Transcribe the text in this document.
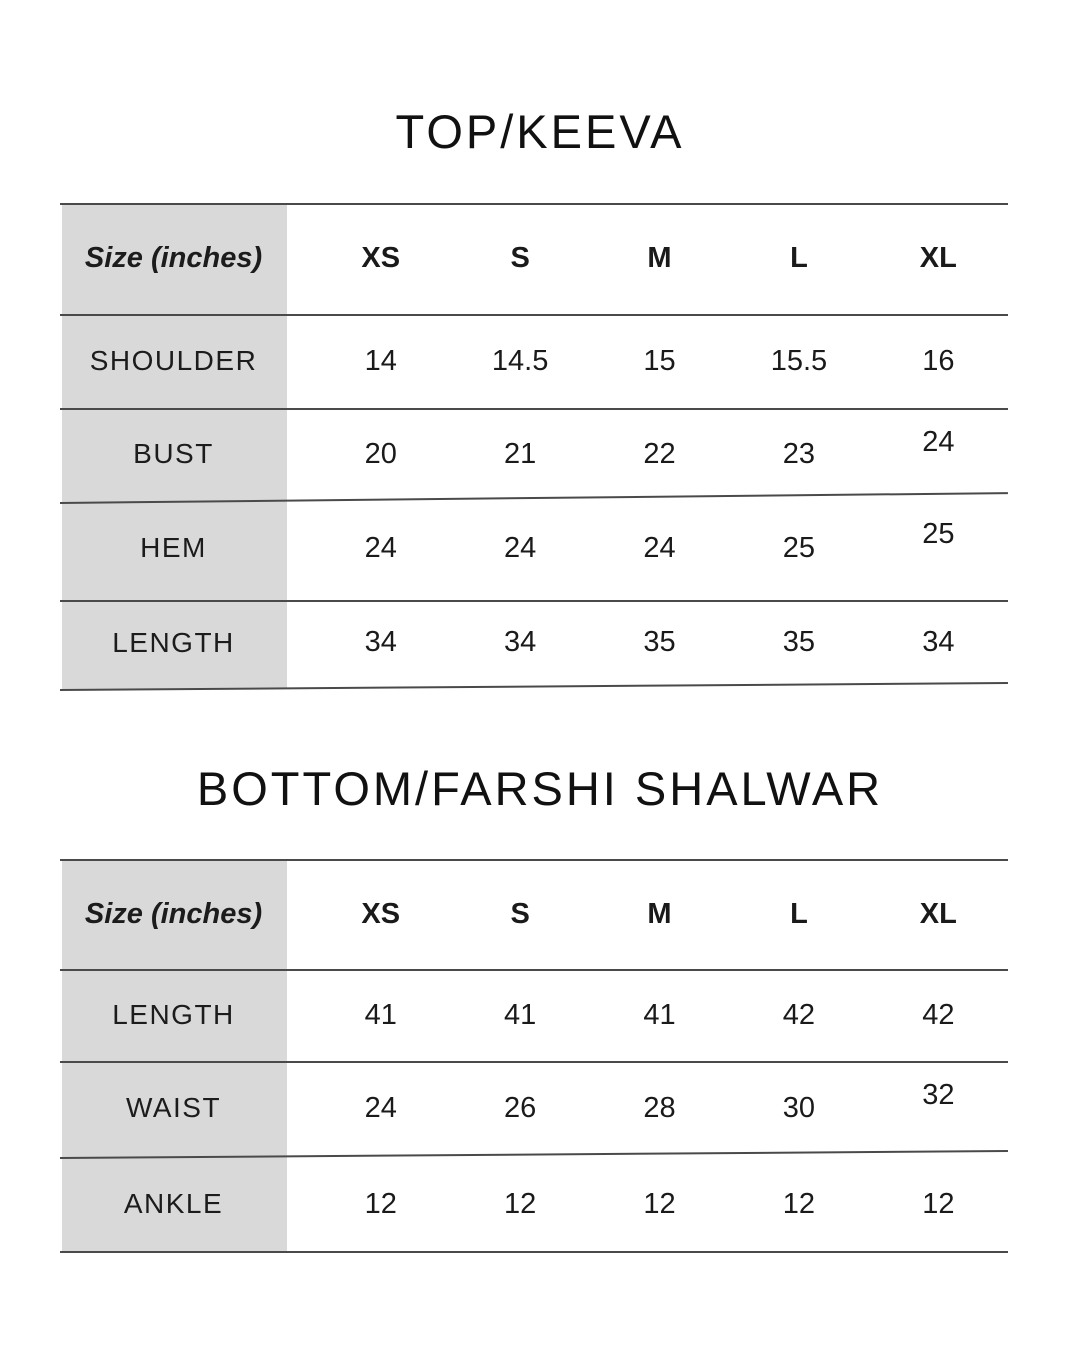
TOP/KEEVA
Size (inches)	XS	S	M	L	XL
SHOULDER	14	14.5	15	15.5	16
BUST	20	21	22	23	24
HEM	24	24	24	25	25
LENGTH	34	34	35	35	34
BOTTOM/FARSHI SHALWAR
Size (inches)	XS	S	M	L	XL
LENGTH	41	41	41	42	42
WAIST	24	26	28	30	32
ANKLE	12	12	12	12	12
